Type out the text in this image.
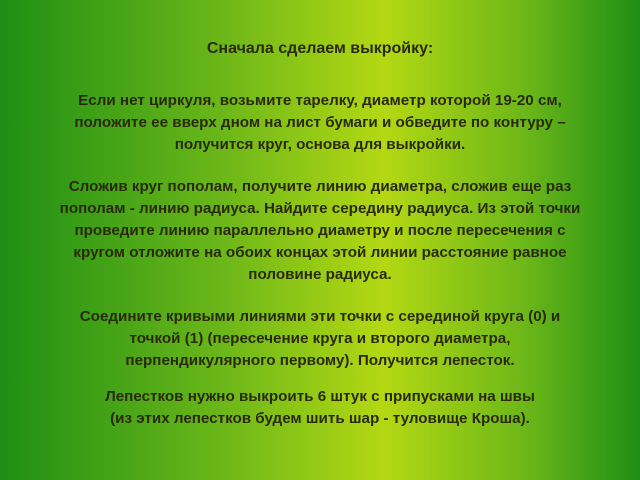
Сначала сделаем выкройку:
Если нет циркуля, возьмите тарелку, диаметр которой 19-20 см,
положите ее вверх дном на лист бумаги и обведите по контуру –
получится круг, основа для выкройки.
Сложив круг пополам, получите линию диаметра, сложив еще раз
пополам - линию радиуса. Найдите середину радиуса. Из этой точки
проведите линию параллельно диаметру и после пересечения с
кругом отложите на обоих концах этой линии расстояние равное
половине радиуса.
Соедините кривыми линиями эти точки с серединой круга (0) и
точкой (1) (пересечение круга и второго диаметра,
перпендикулярного первому). Получится лепесток.
Лепестков нужно выкроить 6 штук с припусками на швы
(из этих лепестков будем шить шар - туловище Кроша).
